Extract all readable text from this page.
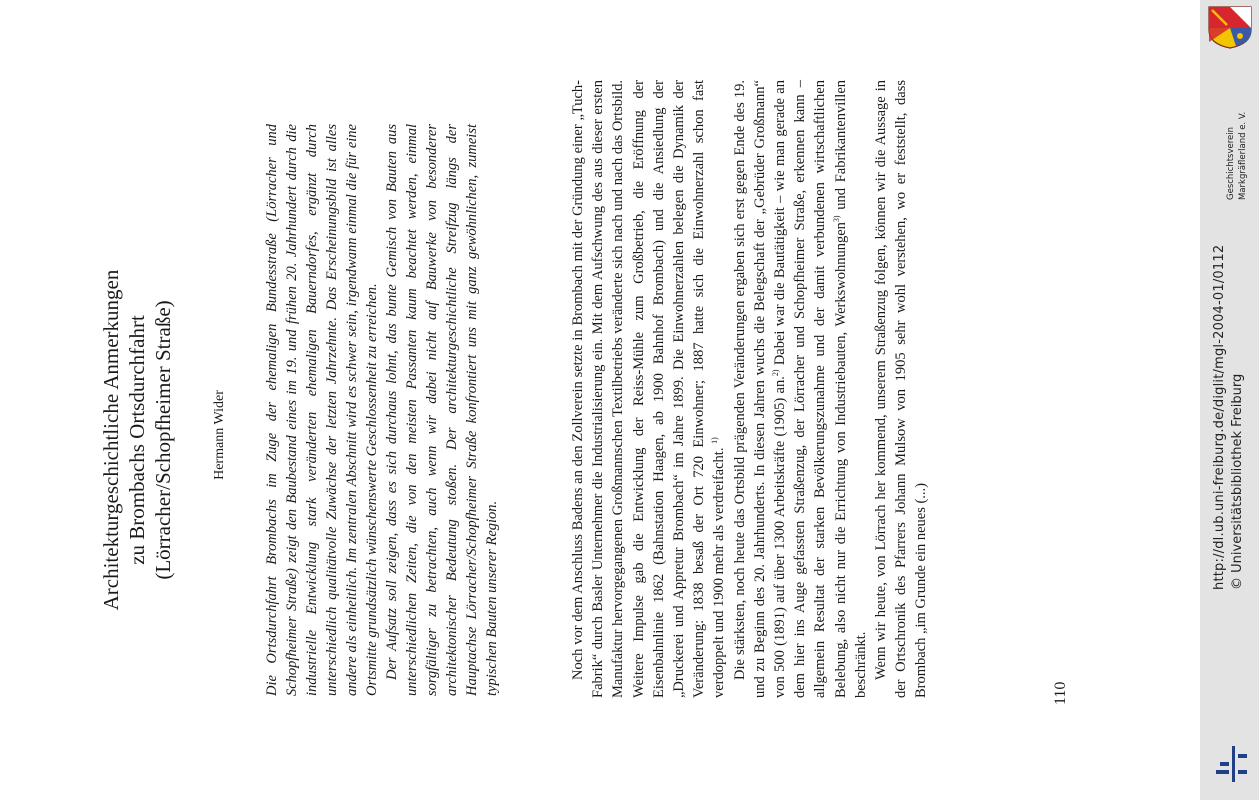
Architekturgeschichtliche Anmerkungen zu Brombachs Ortsdurchfahrt (Lörracher/Schopfheimer Straße)	Hermann Wider	Die Ortsdurchfahrt Brombachs im Zuge der ehemaligen Bundesstraße (Lörracher und Schopfheimer Straße) zeigt den Baubestand eines im 19. und frühen 20. Jahrhundert durch die industrielle Entwicklung stark veränderten ehemaligen Bauerndorfes, ergänzt durch unterschiedlich qualitätvolle Zuwächse der letzten Jahrzehnte. Das Erscheinungsbild ist alles andere als einheitlich. Im zentralen Abschnitt wird es schwer sein, irgendwann einmal die für eine Ortsmitte grundsätzlich wünschenswerte Geschlossenheit zu erreichen. Der Aufsatz soll zeigen, dass es sich durchaus lohnt, das bunte Gemisch von Bauten aus unterschiedlichen Zeiten, die von den meisten Passanten kaum beachtet werden, einmal sorgfältiger zu betrachten, auch wenn wir dabei nicht auf Bauwerke von besonderer architektonischer Bedeutung stoßen. Der architekturgeschichtliche Streifzug längs der Hauptachse Lörracher/Schopfheimer Straße konfrontiert uns mit ganz gewöhnlichen, zumeist typischen Bauten unserer Region.	Noch vor dem Anschluss Badens an den Zollverein setzte in Brombach mit der Gründung einer „Tuch-Fabrik“ durch Basler Unternehmer die Industrialisierung ein. Mit dem Aufschwung des aus dieser ersten Manufaktur hervorgegangenen Großmannschen Textilbetriebs veränderte sich nach und nach das Ortsbild. Weitere Impulse gab die Entwicklung der Reiss-Mühle zum Großbetrieb, die Eröffnung der Eisenbahnlinie 1862 (Bahnstation Haagen, ab 1900 Bahnhof Brombach) und die Ansiedlung der „Druckerei und Appretur Brombach“ im Jahre 1899. Die Einwohnerzahlen belegen die Dynamik der Veränderung: 1838 besaß der Ort 720 Einwohner; 1887 hatte sich die Einwohnerzahl schon fast verdoppelt und 1900 mehr als verdreifacht. $^{1)}$ Die stärksten, noch heute das Ortsbild prägenden Veränderungen ergaben sich erst gegen Ende des 19. und zu Beginn des 20. Jahrhunderts. In diesen Jahren wuchs die Belegschaft der „Gebrüder Großmann“ von 500 (1891) auf über 1300 Arbeitskräfte (1905) an.$^{2)}$ Dabei war die Bautätigkeit – wie man gerade an dem hier ins Auge gefassten Straßenzug, der Lörracher und Schopfheimer Straße, erkennen kann – allgemein Resultat der starken Bevölkerungszunahme und der damit verbundenen wirtschaftlichen Belebung, also nicht nur die Errichtung von Industriebauten, Werkswohnungen$^{3)}$ und Fabrikantenvillen beschränkt. Wenn wir heute, von Lörrach her kommend, unserem Straßenzug folgen, können wir die Aussage in der Ortschronik des Pfarrers Johann Mulsow von 1905 sehr wohl verstehen, wo er feststellt, dass Brombach „im Grunde ein neues (...)	110
Geschichtsverein Markgräflerland e. V.
http://dl.ub.uni-freiburg.de/diglit/mgl-2004-01/0112 © Universitätsbibliothek Freiburg
